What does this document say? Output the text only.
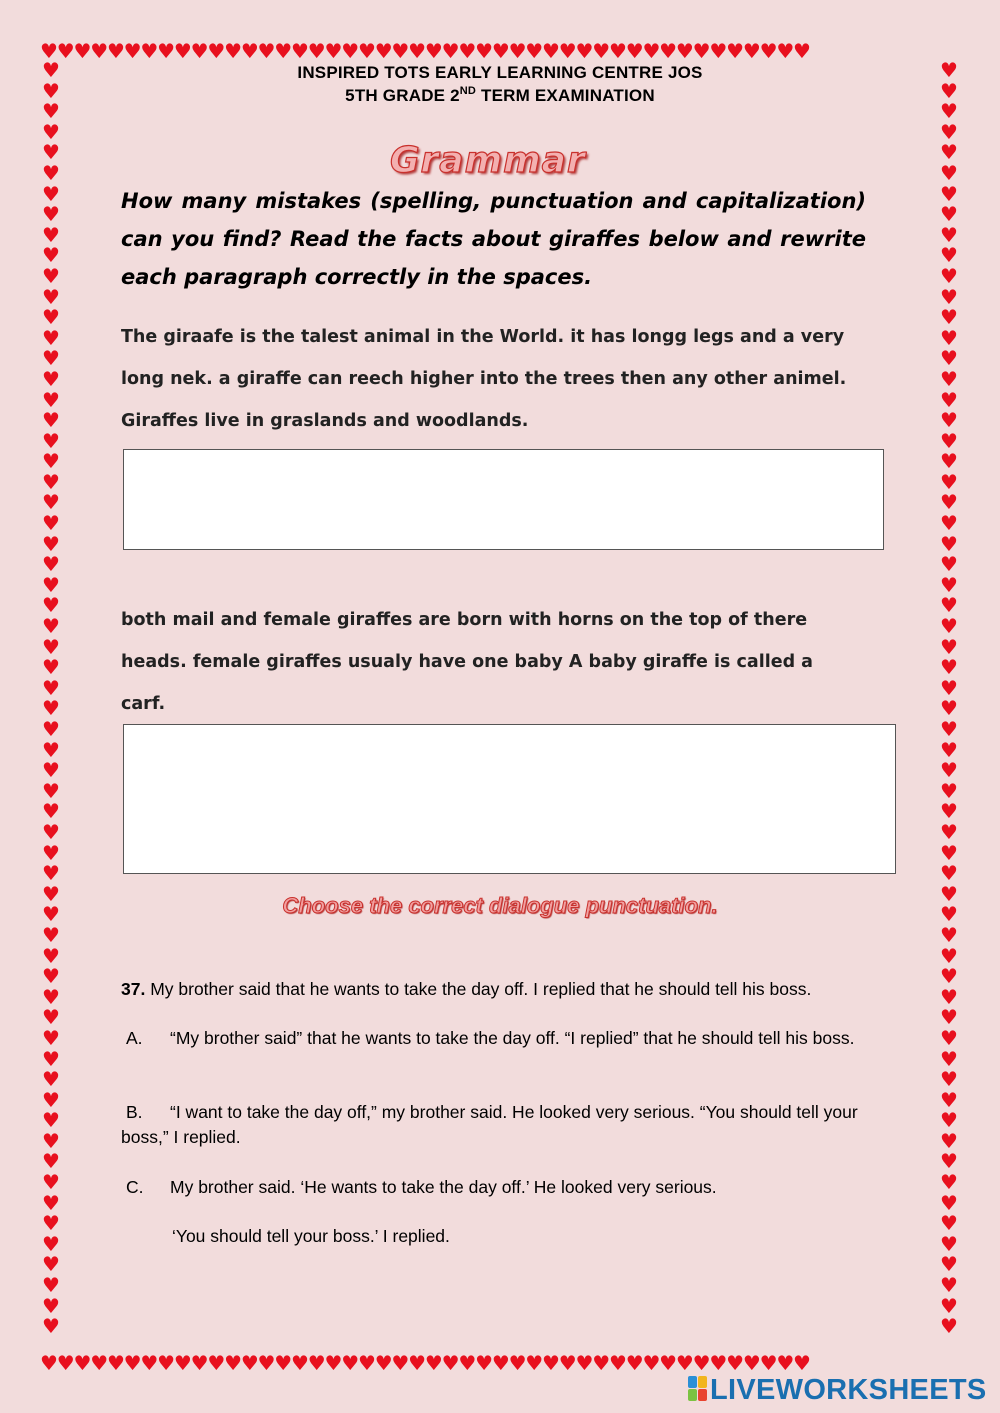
♥♥♥♥♥♥♥♥♥♥♥♥♥♥♥♥♥♥♥♥♥♥♥♥♥♥♥♥♥♥♥♥♥♥♥♥♥♥♥♥♥♥♥♥♥♥
♥♥♥♥♥♥♥♥♥♥♥♥♥♥♥♥♥♥♥♥♥♥♥♥♥♥♥♥♥♥♥♥♥♥♥♥♥♥♥♥♥♥♥♥♥♥
♥
♥
♥
♥
♥
♥
♥
♥
♥
♥
♥
♥
♥
♥
♥
♥
♥
♥
♥
♥
♥
♥
♥
♥
♥
♥
♥
♥
♥
♥
♥
♥
♥
♥
♥
♥
♥
♥
♥
♥
♥
♥
♥
♥
♥
♥
♥
♥
♥
♥
♥
♥
♥
♥
♥
♥
♥
♥
♥
♥
♥
♥
♥
♥
♥
♥
♥
♥
♥
♥
♥
♥
♥
♥
♥
♥
♥
♥
♥
♥
♥
♥
♥
♥
♥
♥
♥
♥
♥
♥
♥
♥
♥
♥
♥
♥
♥
♥
♥
♥
♥
♥
♥
♥
♥
♥
♥
♥
♥
♥
♥
♥
♥
♥
♥
♥
♥
♥
♥
♥
♥
♥
♥
♥
INSPIRED TOTS EARLY LEARNING CENTRE JOS
5TH GRADE 2ND TERM EXAMINATION
Grammar
How many mistakes (spelling, punctuation and capitalization) can you find? Read the facts about giraffes below and rewrite each paragraph correctly in the spaces.
The giraafe is the talest animal in the World. it has longg legs and a very
long nek. a giraffe can reech higher into the trees then any other animel.
Giraffes live in graslands and woodlands.
both mail and female giraffes are born with horns on the top of there
heads. female giraffes usualy have one baby A baby giraffe is called a
carf.
Choose the correct dialogue punctuation.
37. My brother said that he wants to take the day off. I replied that he should tell his boss.
A. “My brother said” that he wants to take the day off. “I replied” that he should tell his boss.
B. “I want to take the day off,” my brother said. He looked very serious. “You should tell your boss,” I replied.
C. My brother said. ‘He wants to take the day off.’ He looked very serious.
‘You should tell your boss.’ I replied.
LIVEWORKSHEETS
